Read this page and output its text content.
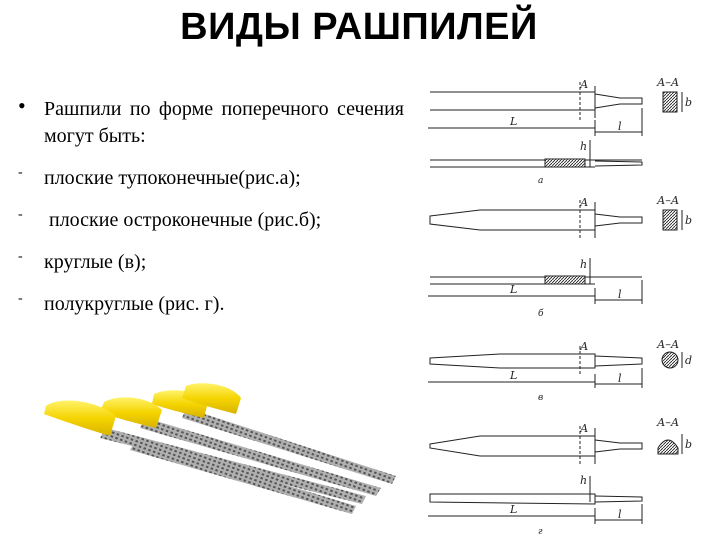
ВИДЫ РАШПИЛЕЙ
• Рашпили по форме поперечного сечения могут быть:
- плоские тупоконечные(рис.а);
- плоские остроконечные (рис.б);
- круглые (в);
- полукруглые (рис. г).
А	А–А
b
L	l
h
а
А	А–А
b
L	l
h
б
А	А–А
d
L	l
в
А	А–А
b
L	l
h
г
